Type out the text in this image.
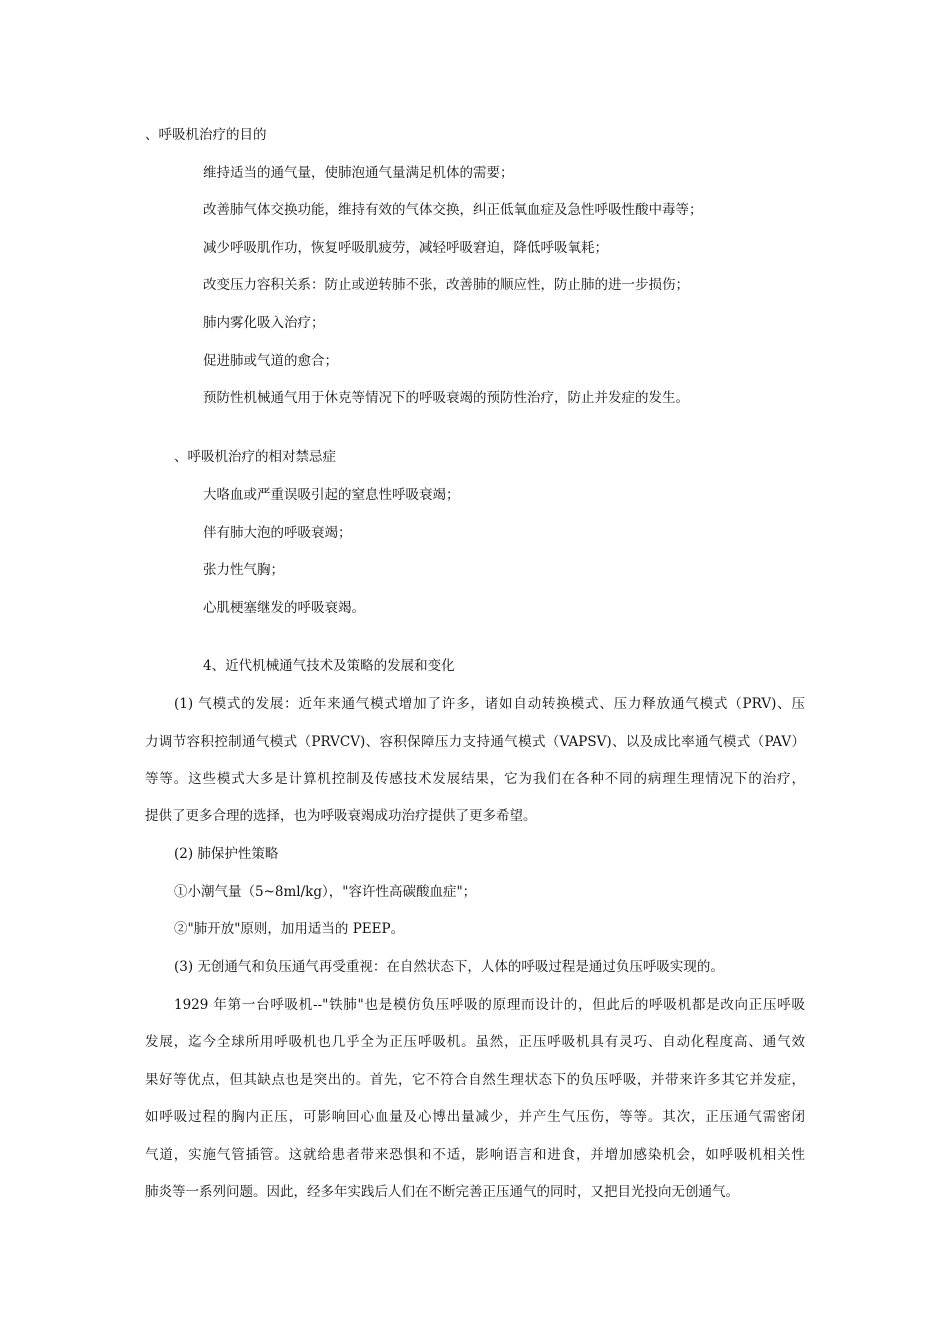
、呼吸机治疗的目的
维持适当的通气量，使肺泡通气量满足机体的需要；
改善肺气体交换功能，维持有效的气体交换，纠正低氧血症及急性呼吸性酸中毒等；
减少呼吸肌作功，恢复呼吸肌疲劳，减轻呼吸窘迫，降低呼吸氧耗；
改变压力容积关系：防止或逆转肺不张，改善肺的顺应性，防止肺的进一步损伤；
肺内雾化吸入治疗；
促进肺或气道的愈合；
预防性机械通气用于休克等情况下的呼吸衰竭的预防性治疗，防止并发症的发生。
、呼吸机治疗的相对禁忌症
大咯血或严重误吸引起的窒息性呼吸衰竭；
伴有肺大泡的呼吸衰竭；
张力性气胸；
心肌梗塞继发的呼吸衰竭。
4、近代机械通气技术及策略的发展和变化
(1) 气模式的发展：近年来通气模式增加了许多，诸如自动转换模式、压力释放通气模式（PRV)、压
力调节容积控制通气模式（PRVCV)、容积保障压力支持通气模式（VAPSV)、以及成比率通气模式（PAV）
等等。这些模式大多是计算机控制及传感技术发展结果，它为我们在各种不同的病理生理情况下的治疗，
提供了更多合理的选择，也为呼吸衰竭成功治疗提供了更多希望。
(2) 肺保护性策略
①小潮气量（5~8ml/kg），"容许性高碳酸血症"；
②"肺开放"原则，加用适当的 PEEP。
(3) 无创通气和负压通气再受重视：在自然状态下，人体的呼吸过程是通过负压呼吸实现的。
1929 年第一台呼吸机--"铁肺"也是模仿负压呼吸的原理而设计的，但此后的呼吸机都是改向正压呼吸
发展，迄今全球所用呼吸机也几乎全为正压呼吸机。虽然，正压呼吸机具有灵巧、自动化程度高、通气效
果好等优点，但其缺点也是突出的。首先，它不符合自然生理状态下的负压呼吸，并带来许多其它并发症，
如呼吸过程的胸内正压，可影响回心血量及心博出量减少，并产生气压伤，等等。其次，正压通气需密闭
气道，实施气管插管。这就给患者带来恐惧和不适，影响语言和进食，并增加感染机会，如呼吸机相关性
肺炎等一系列问题。因此，经多年实践后人们在不断完善正压通气的同时，又把目光投向无创通气。
